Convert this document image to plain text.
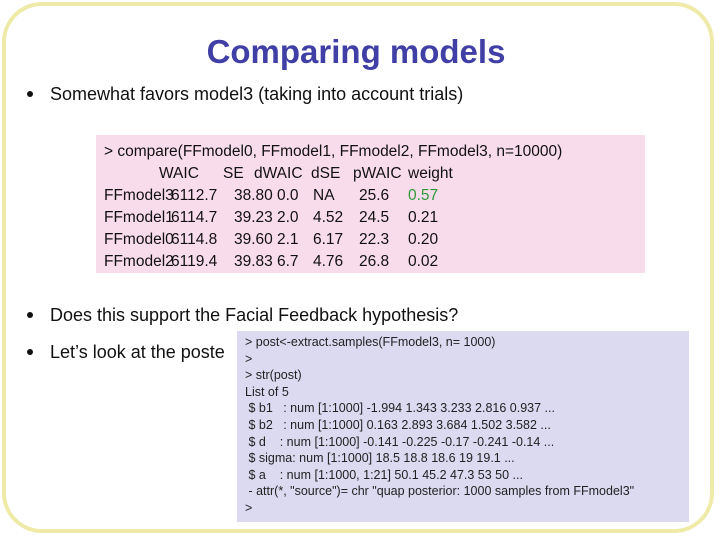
Comparing models
Somewhat favors model3 (taking into account trials)
> compare(FFmodel0, FFmodel1, FFmodel2, FFmodel3, n=10000)

WAIC

SE

dWAIC

dSE

pWAIC

weight

FFmodel3
6112.7 38.80 0.0 NA 25.6 0.57
FFmodel1
6114.7 39.23 2.0 4.52 24.5 0.21
FFmodel0
6114.8 39.60 2.1 6.17 22.3 0.20
FFmodel2
6119.4 39.83 6.7 4.76 26.8 0.02
Does this support the Facial Feedback hypothesis?
Let’s look at the poste > post<-extract.samples(FFmodel3, n= 1000)
>
> str(post)
List of 5
$ b1   : num [1:1000] -1.994 1.343 3.233 2.816 0.937 ...
$ b2   : num [1:1000] 0.163 2.893 3.684 1.502 3.582 ...
$ d    : num [1:1000] -0.141 -0.225 -0.17 -0.241 -0.14 ...
$ sigma: num [1:1000] 18.5 18.8 18.6 19 19.1 ...
$ a    : num [1:1000, 1:21] 50.1 45.2 47.3 53 50 ...
- attr(*, "source")= chr "quap posterior: 1000 samples from FFmodel3"
>
